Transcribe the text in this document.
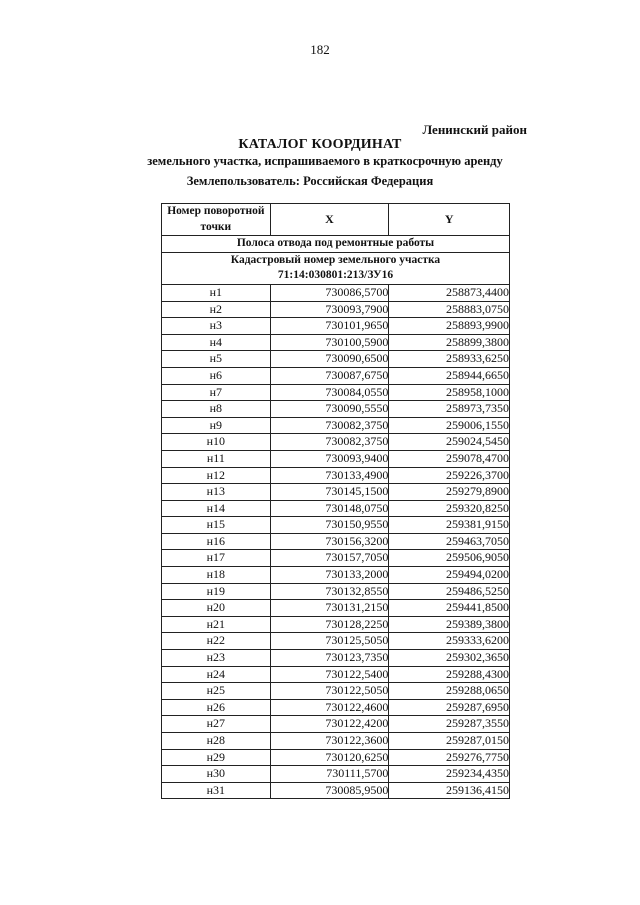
182
Ленинский район
КАТАЛОГ КООРДИНАТ
земельного участка, испрашиваемого в краткосрочную аренду
Землепользователь: Российская Федерация
Номер поворотной точки	X	Y
Полоса отвода под ремонтные работы		

Кадастровый номер земельного участка
71:14:030801:213/ЗУ16		

н1	730086,5700	258873,4400
н2	730093,7900	258883,0750
н3	730101,9650	258893,9900
н4	730100,5900	258899,3800
н5	730090,6500	258933,6250
н6	730087,6750	258944,6650
н7	730084,0550	258958,1000
н8	730090,5550	258973,7350
н9	730082,3750	259006,1550
н10	730082,3750	259024,5450
н11	730093,9400	259078,4700
н12	730133,4900	259226,3700
н13	730145,1500	259279,8900
н14	730148,0750	259320,8250
н15	730150,9550	259381,9150
н16	730156,3200	259463,7050
н17	730157,7050	259506,9050
н18	730133,2000	259494,0200
н19	730132,8550	259486,5250
н20	730131,2150	259441,8500
н21	730128,2250	259389,3800
н22	730125,5050	259333,6200
н23	730123,7350	259302,3650
н24	730122,5400	259288,4300
н25	730122,5050	259288,0650
н26	730122,4600	259287,6950
н27	730122,4200	259287,3550
н28	730122,3600	259287,0150
н29	730120,6250	259276,7750
н30	730111,5700	259234,4350
н31	730085,9500	259136,4150
